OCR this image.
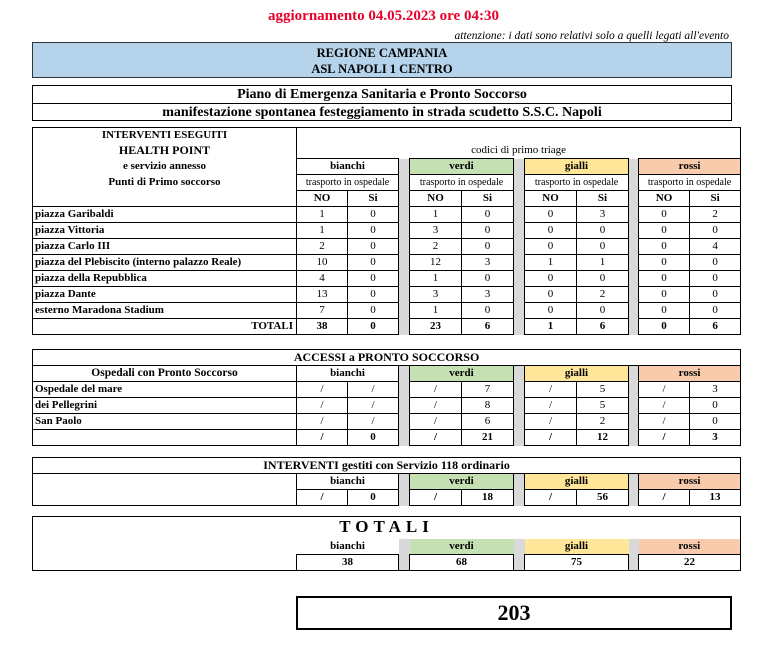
aggiornamento 04.05.2023 ore 04:30
attenzione: i dati sono relativi solo a quelli legati all'evento
REGIONE CAMPANIA
ASL NAPOLI 1 CENTRO
Piano di Emergenza Sanitaria e Pronto Soccorso
manifestazione spontanea festeggiamento in strada scudetto S.S.C. Napoli
INTERVENTI ESEGUITI											
HEALTH POINT	codici di primo triage										
e servizio annesso	bianchi			verdi			gialli			rossi	
Punti di Primo soccorso	trasporto in ospedale			trasporto in ospedale			trasporto in ospedale			trasporto in ospedale	
	NO	Si		NO	Si		NO	Si		NO	Si
piazza Garibaldi	1	0		1	0		0	3		0	2
piazza Vittoria	1	0		3	0		0	0		0	0
piazza Carlo III	2	0		2	0		0	0		0	4
piazza del Plebiscito (interno palazzo Reale)	10	0		12	3		1	1		0	0
piazza della Repubblica	4	0		1	0		0	0		0	0
piazza Dante	13	0		3	3		0	2		0	0
esterno Maradona Stadium	7	0		1	0		0	0		0	0
TOTALI	38	0		23	6		1	6		0	6
ACCESSI a PRONTO SOCCORSO											
Ospedali con Pronto Soccorso	bianchi			verdi			gialli			rossi	
Ospedale del mare	/	/		/	7		/	5		/	3
dei Pellegrini	/	/		/	8		/	5		/	0
San Paolo	/	/		/	6		/	2		/	0
	/	0		/	21		/	12		/	3
INTERVENTI gestiti con Servizio 118 ordinario											
	bianchi			verdi			gialli			rossi	
	/	0		/	18		/	56		/	13
TOTALI							
	bianchi		verdi		gialli		rossi
	38		68		75		22
203
